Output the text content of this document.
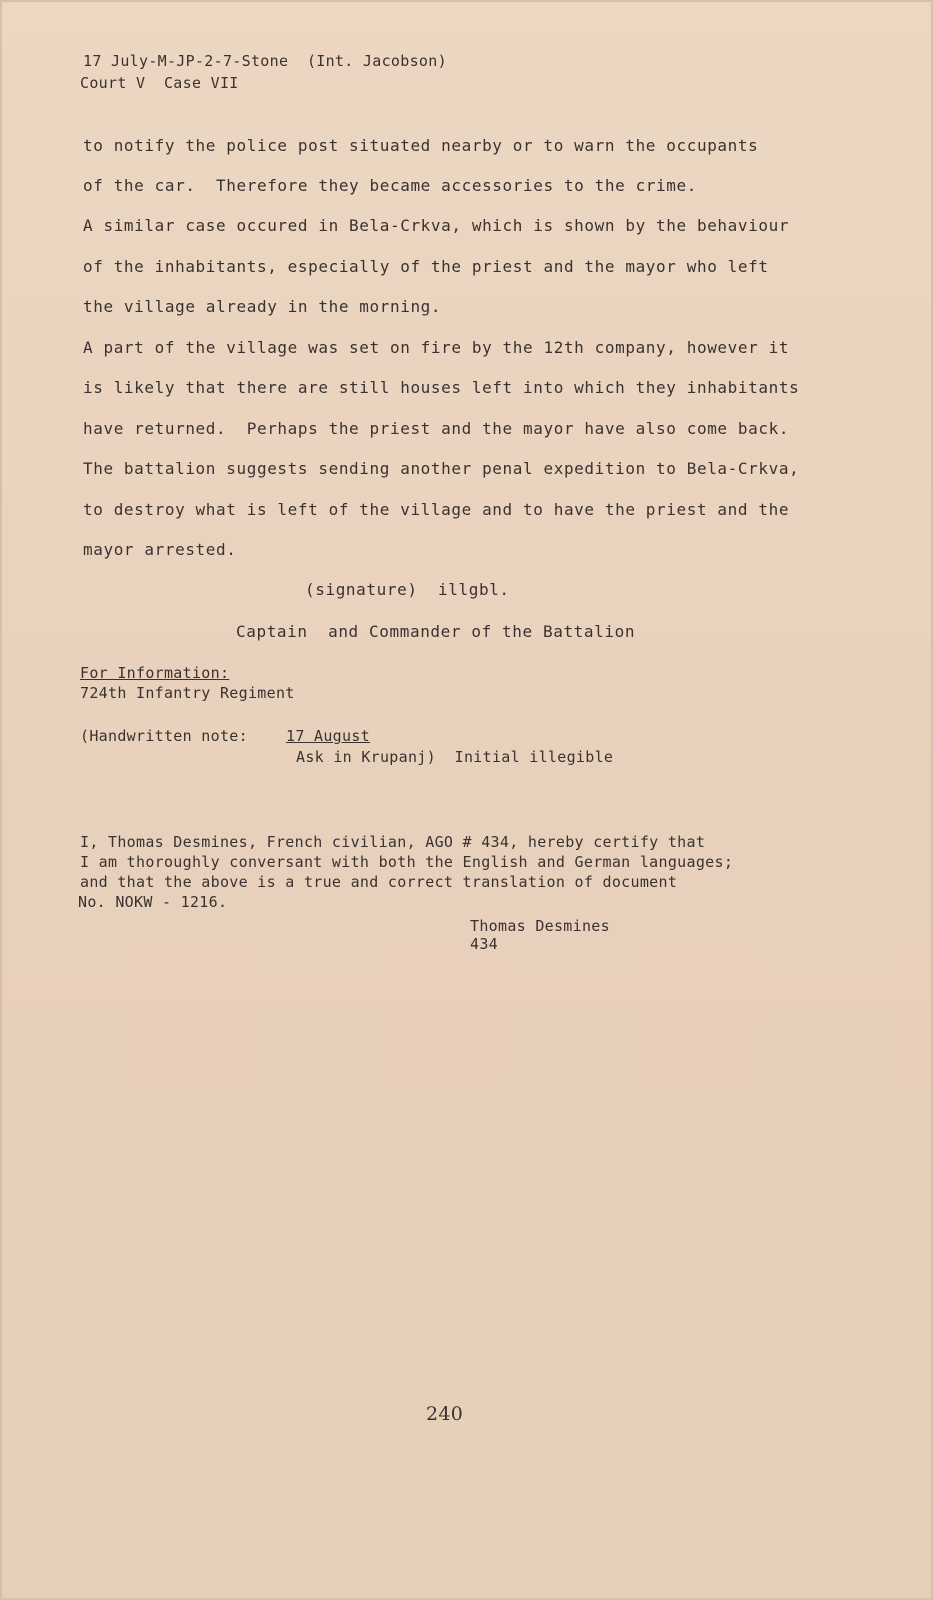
17 July-M-JP-2-7-Stone  (Int. Jacobson)
Court V  Case VII
to notify the police post situated nearby or to warn the occupants
of the car.  Therefore they became accessories to the crime.
A similar case occured in Bela-Crkva, which is shown by the behaviour
of the inhabitants, especially of the priest and the mayor who left
the village already in the morning.
A part of the village was set on fire by the 12th company, however it
is likely that there are still houses left into which they inhabitants
have returned.  Perhaps the priest and the mayor have also come back.
The battalion suggests sending another penal expedition to Bela-Crkva,
to destroy what is left of the village and to have the priest and the
mayor arrested.
(signature)  illgbl.
Captain  and Commander of the Battalion
For Information:
724th Infantry Regiment
(Handwritten note:	17 August
Ask in Krupanj)  Initial illegible
I, Thomas Desmines, French civilian, AGO # 434, hereby certify that
I am thoroughly conversant with both the English and German languages;
and that the above is a true and correct translation of document
No. NOKW - 1216.
Thomas Desmines
434
240
